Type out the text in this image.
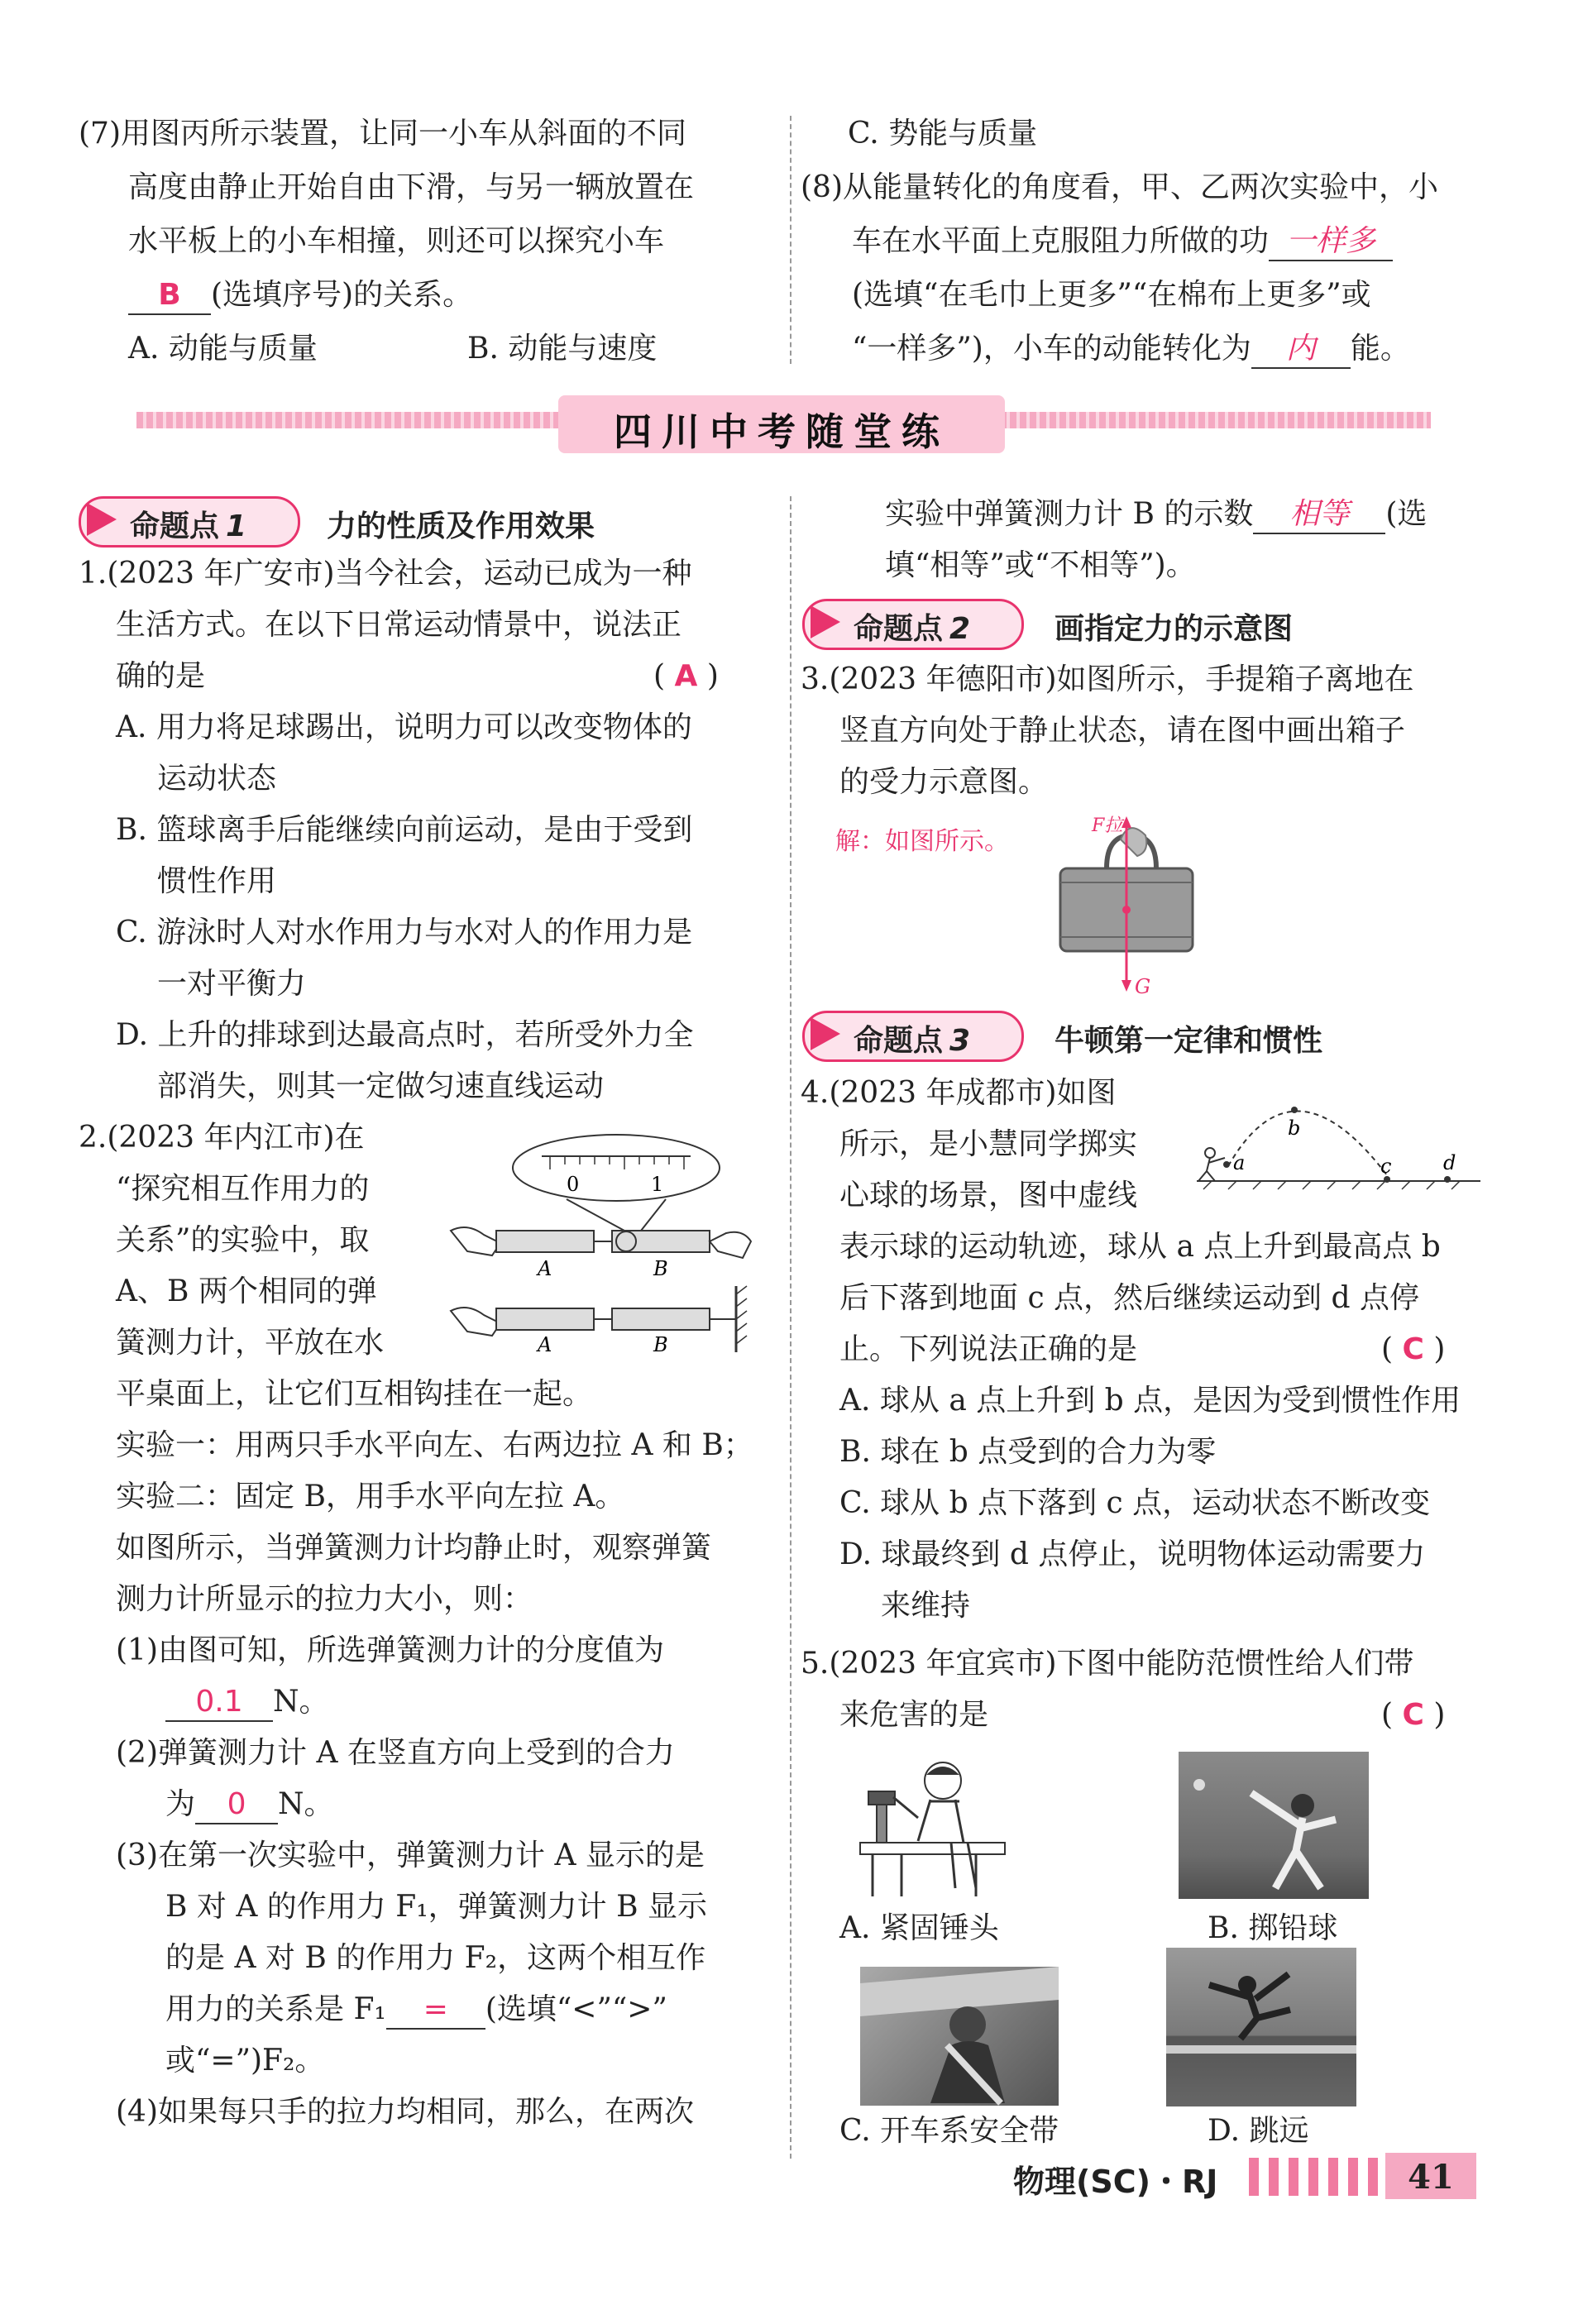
(7)用图丙所示装置，让同一小车从斜面的不同
高度由静止开始自由下滑，与另一辆放置在
水平板上的小车相撞，则还可以探究小车
B (选填序号)的关系。
A. 动能与质量	B. 动能与速度
C. 势能与质量
(8)从能量转化的角度看，甲、乙两次实验中，小
车在水平面上克服阻力所做的功 一样多
(选填“在毛巾上更多”“在棉布上更多”或
“一样多”)，小车的动能转化为 内 能。
四川中考随堂练
命题点 1	力的性质及作用效果
1.(2023 年广安市)当今社会，运动已成为一种
生活方式。在以下日常运动情景中，说法正
确的是	( A )
A. 用力将足球踢出，说明力可以改变物体的
运动状态
B. 篮球离手后能继续向前运动，是由于受到
惯性作用
C. 游泳时人对水作用力与水对人的作用力是
一对平衡力
D. 上升的排球到达最高点时，若所受外力全
部消失，则其一定做匀速直线运动
2.(2023 年内江市)在
“探究相互作用力的
关系”的实验中，取
A、B 两个相同的弹
簧测力计，平放在水
0	1
A	B
A	B
平桌面上，让它们互相钩挂在一起。
实验一：用两只手水平向左、右两边拉 A 和 B；
实验二：固定 B，用手水平向左拉 A。
如图所示，当弹簧测力计均静止时，观察弹簧
测力计所显示的拉力大小，则：
(1)由图可知，所选弹簧测力计的分度值为
0.1 N。
(2)弹簧测力计 A 在竖直方向上受到的合力
为 0 N。
(3)在第一次实验中，弹簧测力计 A 显示的是
B 对 A 的作用力 F₁，弹簧测力计 B 显示
的是 A 对 B 的作用力 F₂，这两个相互作
用力的关系是 F₁ = (选填“<”“>”
或“=”)F₂。
(4)如果每只手的拉力均相同，那么，在两次
实验中弹簧测力计 B 的示数 相等 (选
填“相等”或“不相等”)。
命题点 2	画指定力的示意图
3.(2023 年德阳市)如图所示，手提箱子离地在
竖直方向处于静止状态，请在图中画出箱子
的受力示意图。
解：如图所示。
F拉
G
命题点 3	牛顿第一定律和惯性
4.(2023 年成都市)如图
所示，是小慧同学掷实
心球的场景，图中虚线
a
b
c	d
表示球的运动轨迹，球从 a 点上升到最高点 b
后下落到地面 c 点，然后继续运动到 d 点停
止。下列说法正确的是	( C )
A. 球从 a 点上升到 b 点，是因为受到惯性作用
B. 球在 b 点受到的合力为零
C. 球从 b 点下落到 c 点，运动状态不断改变
D. 球最终到 d 点停止，说明物体运动需要力
来维持
5.(2023 年宜宾市)下图中能防范惯性给人们带
来危害的是	( C )
A. 紧固锤头	B. 掷铅球
C. 开车系安全带	D. 跳远
物理(SC)・RJ	41
